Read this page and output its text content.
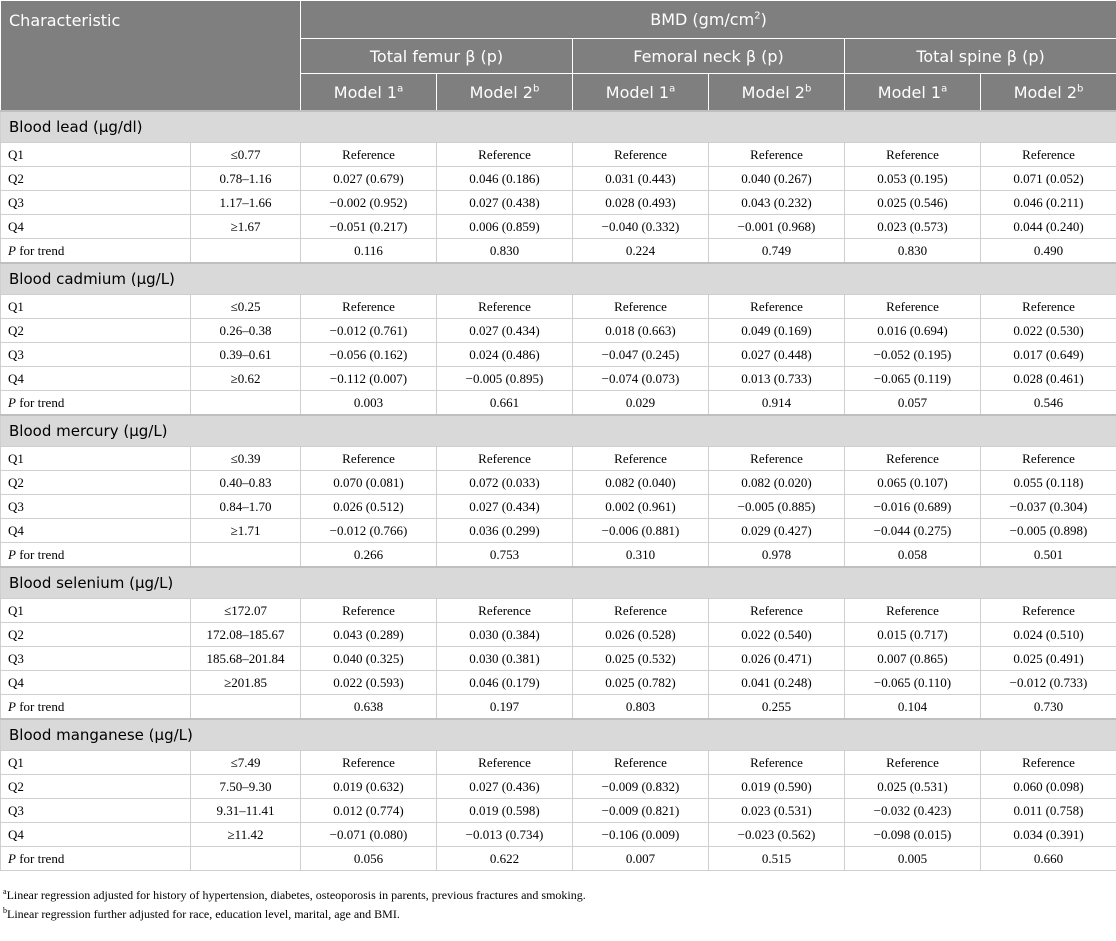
Characteristic		BMD $(gm/cm^2)$					
		Total femur β (p)		Femoral neck β (p)		Total spine β (p)	
		Model 1$^a$	Model 2$^b$	Model 1$^a$	Model 2$^b$	Model 1$^a$	Model 2$^b$
Blood lead (μg/dl)							
Q1	≤0.77	Reference	Reference	Reference	Reference	Reference	Reference
Q2	0.78–1.16	0.027 (0.679)	0.046 (0.186)	0.031 (0.443)	0.040 (0.267)	0.053 (0.195)	0.071 (0.052)
Q3	1.17–1.66	−0.002 (0.952)	0.027 (0.438)	0.028 (0.493)	0.043 (0.232)	0.025 (0.546)	0.046 (0.211)
Q4	≥1.67	−0.051 (0.217)	0.006 (0.859)	−0.040 (0.332)	−0.001 (0.968)	0.023 (0.573)	0.044 (0.240)
P for trend		0.116	0.830	0.224	0.749	0.830	0.490
Blood cadmium (μg/L)							
Q1	≤0.25	Reference	Reference	Reference	Reference	Reference	Reference
Q2	0.26–0.38	−0.012 (0.761)	0.027 (0.434)	0.018 (0.663)	0.049 (0.169)	0.016 (0.694)	0.022 (0.530)
Q3	0.39–0.61	−0.056 (0.162)	0.024 (0.486)	−0.047 (0.245)	0.027 (0.448)	−0.052 (0.195)	0.017 (0.649)
Q4	≥0.62	−0.112 (0.007)	−0.005 (0.895)	−0.074 (0.073)	0.013 (0.733)	−0.065 (0.119)	0.028 (0.461)
P for trend		0.003	0.661	0.029	0.914	0.057	0.546
Blood mercury (μg/L)							
Q1	≤0.39	Reference	Reference	Reference	Reference	Reference	Reference
Q2	0.40–0.83	0.070 (0.081)	0.072 (0.033)	0.082 (0.040)	0.082 (0.020)	0.065 (0.107)	0.055 (0.118)
Q3	0.84–1.70	0.026 (0.512)	0.027 (0.434)	0.002 (0.961)	−0.005 (0.885)	−0.016 (0.689)	−0.037 (0.304)
Q4	≥1.71	−0.012 (0.766)	0.036 (0.299)	−0.006 (0.881)	0.029 (0.427)	−0.044 (0.275)	−0.005 (0.898)
P for trend		0.266	0.753	0.310	0.978	0.058	0.501
Blood selenium (μg/L)							
Q1	≤172.07	Reference	Reference	Reference	Reference	Reference	Reference
Q2	172.08–185.67	0.043 (0.289)	0.030 (0.384)	0.026 (0.528)	0.022 (0.540)	0.015 (0.717)	0.024 (0.510)
Q3	185.68–201.84	0.040 (0.325)	0.030 (0.381)	0.025 (0.532)	0.026 (0.471)	0.007 (0.865)	0.025 (0.491)
Q4	≥201.85	0.022 (0.593)	0.046 (0.179)	0.025 (0.782)	0.041 (0.248)	−0.065 (0.110)	−0.012 (0.733)
P for trend		0.638	0.197	0.803	0.255	0.104	0.730
Blood manganese (μg/L)							
Q1	≤7.49	Reference	Reference	Reference	Reference	Reference	Reference
Q2	7.50–9.30	0.019 (0.632)	0.027 (0.436)	−0.009 (0.832)	0.019 (0.590)	0.025 (0.531)	0.060 (0.098)
Q3	9.31–11.41	0.012 (0.774)	0.019 (0.598)	−0.009 (0.821)	0.023 (0.531)	−0.032 (0.423)	0.011 (0.758)
Q4	≥11.42	−0.071 (0.080)	−0.013 (0.734)	−0.106 (0.009)	−0.023 (0.562)	−0.098 (0.015)	0.034 (0.391)
P for trend		0.056	0.622	0.007	0.515	0.005	0.660
$^a$Linear regression adjusted for history of hypertension, diabetes, osteoporosis in parents, previous fractures and smoking.
$^b$Linear regression further adjusted for race, education level, marital, age and BMI.
